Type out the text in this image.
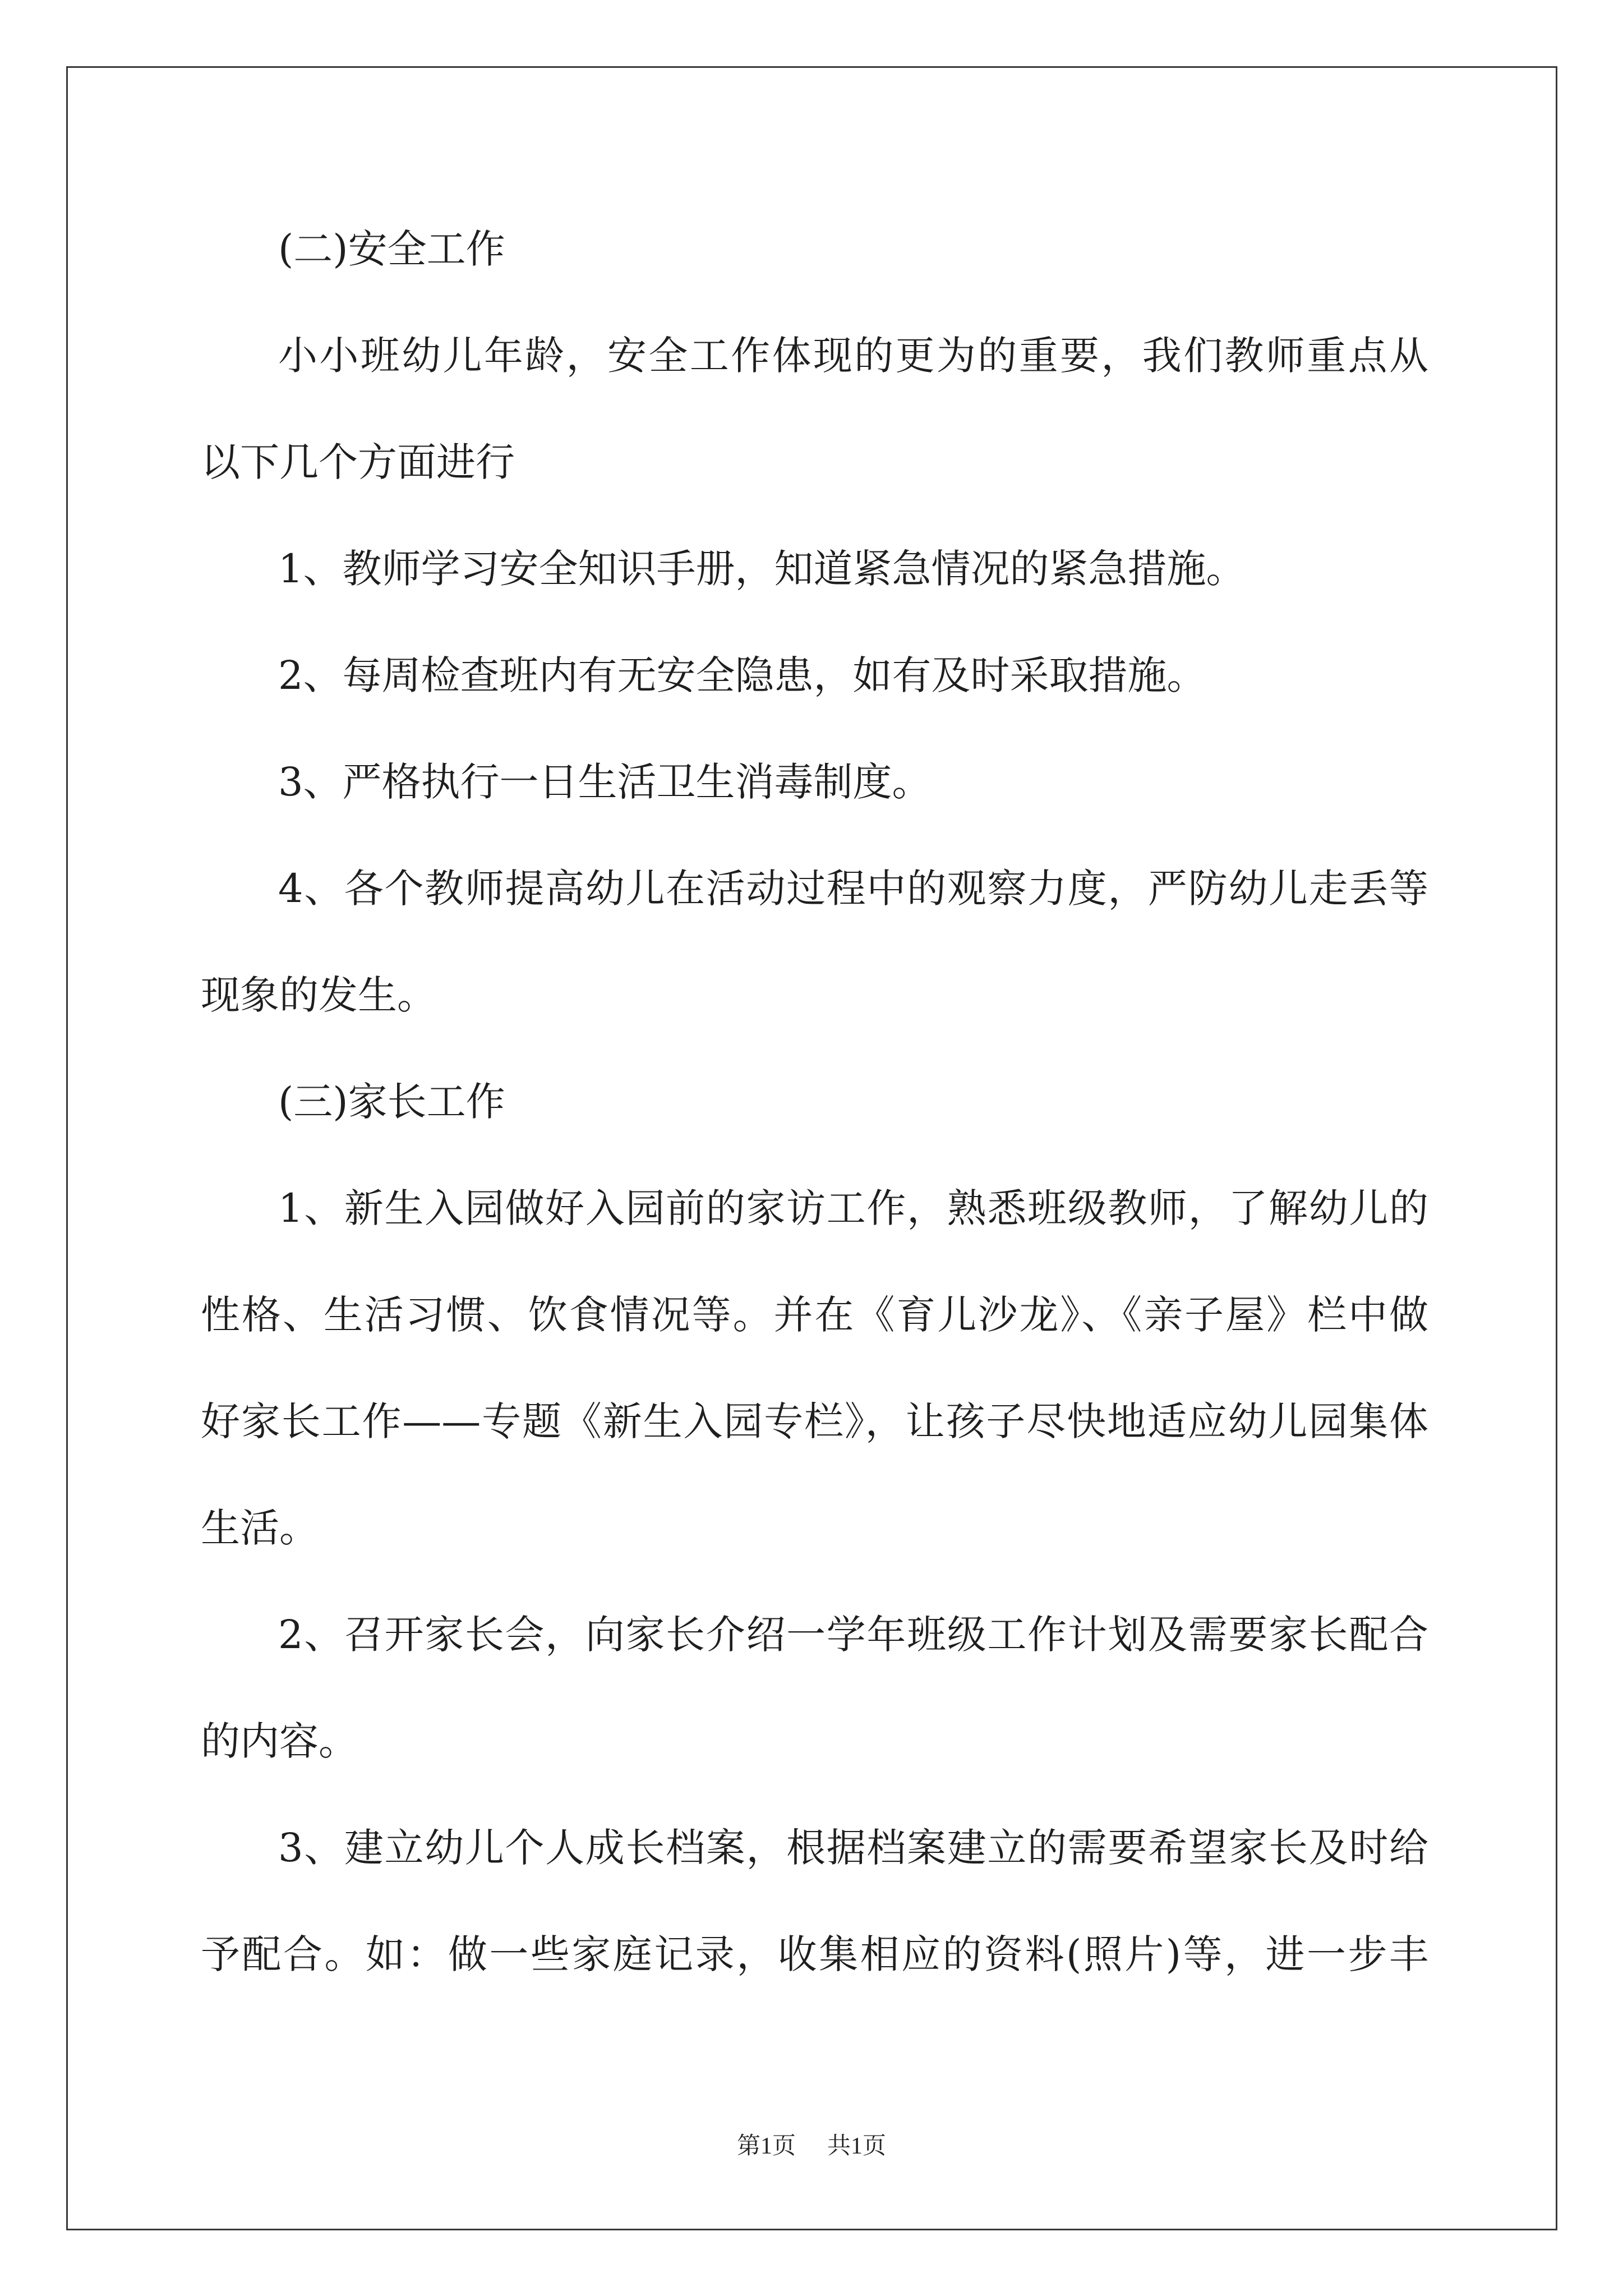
(二)安全工作
小小班幼儿年龄，安全工作体现的更为的重要，我们教师重点从
以下几个方面进行
1、教师学习安全知识手册，知道紧急情况的紧急措施。
2、每周检查班内有无安全隐患，如有及时采取措施。
3、严格执行一日生活卫生消毒制度。
4、各个教师提高幼儿在活动过程中的观察力度，严防幼儿走丢等
现象的发生。
(三)家长工作
1、新生入园做好入园前的家访工作，熟悉班级教师，了解幼儿的
性格、生活习惯、饮食情况等。并在《育儿沙龙》、《亲子屋》栏中做
好家长工作——专题《新生入园专栏》，让孩子尽快地适应幼儿园集体
生活。
2、召开家长会，向家长介绍一学年班级工作计划及需要家长配合
的内容。
3、建立幼儿个人成长档案，根据档案建立的需要希望家长及时给
予配合。如：做一些家庭记录，收集相应的资料(照片)等，进一步丰
第1页 共1页
